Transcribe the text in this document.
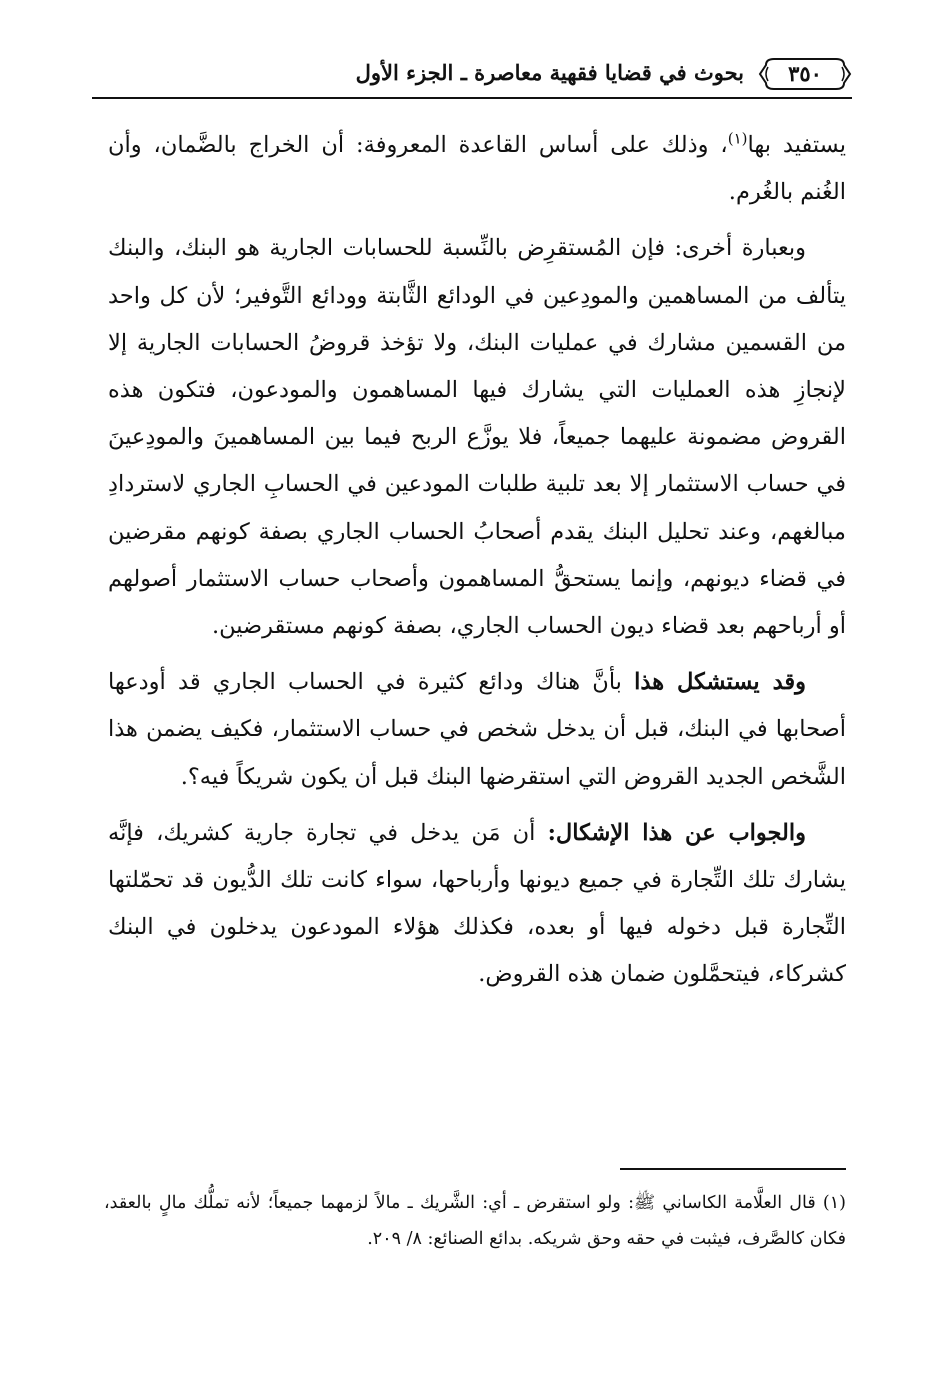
٣٥٠
بحوث في قضايا فقهية معاصرة ـ الجزء الأول

يستفيد بها$^{(١)}$، وذلك على أساس القاعدة المعروفة: أن الخراج بالضَّمان، وأن الغُنم بالغُرم.

وبعبارة أخرى: فإن المُستقرِض بالنِّسبة للحسابات الجارية هو البنك، والبنك يتألف من المساهمين والمودِعين في الودائع الثَّابتة وودائع التَّوفير؛ لأن كل واحد من القسمين مشارك في عمليات البنك، ولا تؤخذ قروضُ الحسابات الجارية إلا لإنجازِ هذه العمليات التي يشارك فيها المساهمون والمودعون، فتكون هذه القروض مضمونة عليهما جميعاً، فلا يوزَّع الربح فيما بين المساهمينَ والمودِعينَ في حساب الاستثمار إلا بعد تلبية طلبات المودعين في الحسابِ الجاري لاستردادِ مبالغهم، وعند تحليل البنك يقدم أصحابُ الحساب الجاري بصفة كونهم مقرضين في قضاء ديونهم، وإنما يستحقُّ المساهمون وأصحاب حساب الاستثمار أصولهم أو أرباحهم بعد قضاء ديون الحساب الجاري، بصفة كونهم مستقرضين.

وقد يستشكل هذا بأنَّ هناك ودائع كثيرة في الحساب الجاري قد أودعها أصحابها في البنك، قبل أن يدخل شخص في حساب الاستثمار، فكيف يضمن هذا الشَّخص الجديد القروض التي استقرضها البنك قبل أن يكون شريكاً فيه؟.

والجواب عن هذا الإشكال: أن مَن يدخل في تجارة جارية كشريك، فإنَّه يشارك تلك التِّجارة في جميع ديونها وأرباحها، سواء كانت تلك الدُّيون قد تحمّلتها التِّجارة قبل دخوله فيها أو بعده، فكذلك هؤلاء المودعون يدخلون في البنك كشركاء، فيتحمَّلون ضمان هذه القروض.

(١) قال العلَّامة الكاساني ﷺ: ولو استقرض ـ أي: الشَّريك ـ مالاً لزمهما جميعاً؛ لأنه تملُّك مالٍ بالعقد، فكان كالصَّرف، فيثبت في حقه وحق شريكه. بدائع الصنائع: ٨/ ٢٠٩.
